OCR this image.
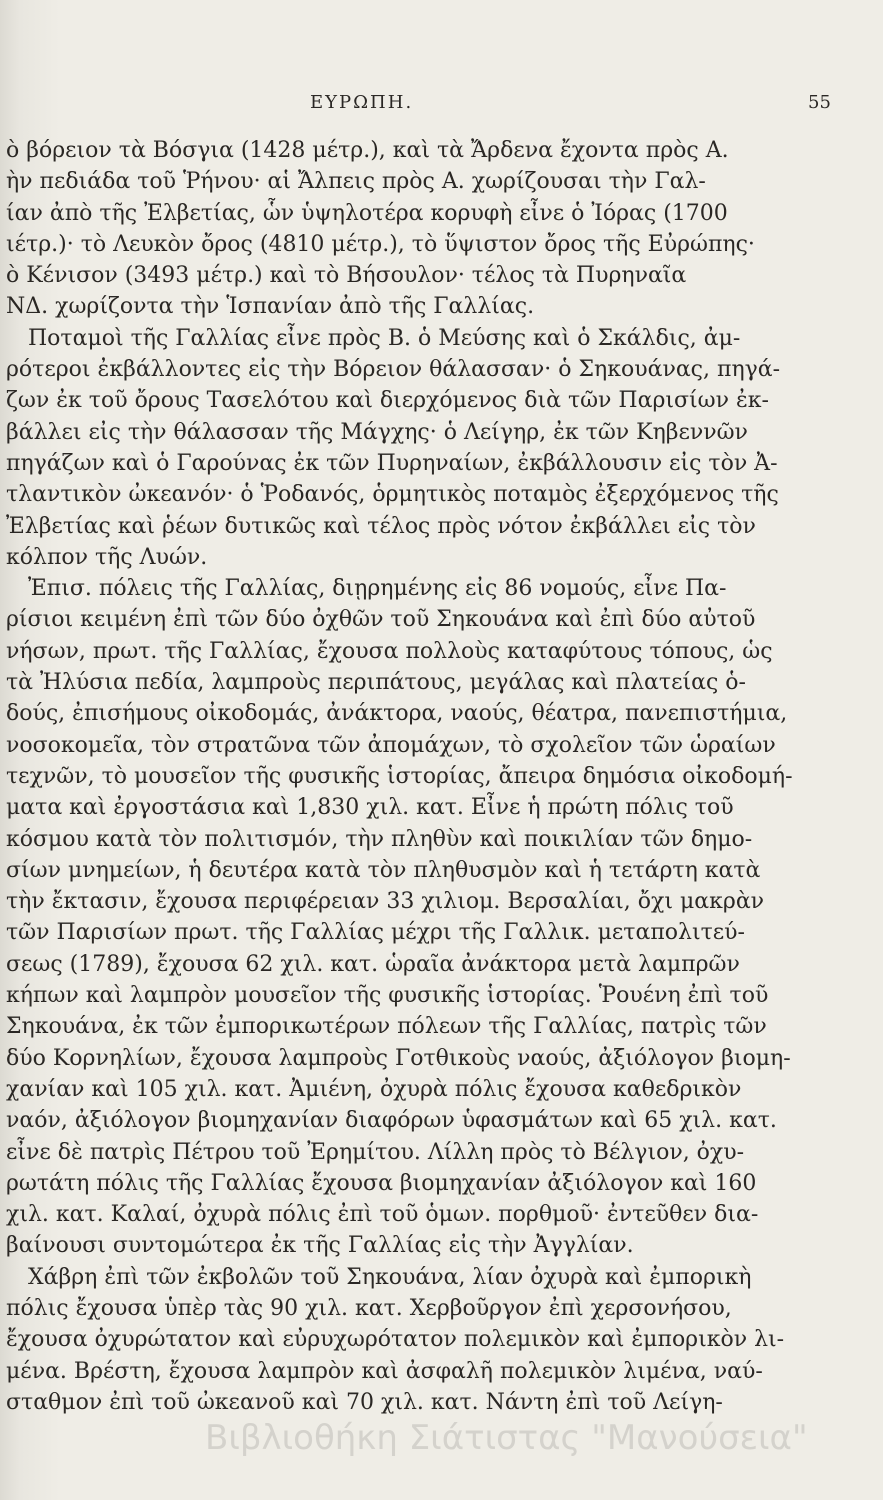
ΕΥΡΩΠΗ.	55
ὸ βόρειον τὰ Βόσγια (1428 μέτρ.), καὶ τὰ Ἄρδενα ἔχοντα πρὸς Α.
ὴν πεδιάδα τοῦ Ῥήνου· αἱ Ἄλπεις πρὸς Α. χωρίζουσαι τὴν Γαλ-
ίαν ἀπὸ τῆς Ἐλβετίας, ὧν ὑψηλοτέρα κορυφὴ εἶνε ὁ Ἰόρας (1700
ιέτρ.)· τὸ Λευκὸν ὄρος (4810 μέτρ.), τὸ ὕψιστον ὄρος τῆς Εὐρώπης·
ὸ Κένισον (3493 μέτρ.) καὶ τὸ Βήσουλον· τέλος τὰ Πυρηναῖα
ΝΔ. χωρίζοντα τὴν Ἱσπανίαν ἀπὸ τῆς Γαλλίας.
Ποταμοὶ τῆς Γαλλίας εἶνε πρὸς Β. ὁ Μεύσης καὶ ὁ Σκάλδις, ἀμ-
ρότεροι ἐκβάλλοντες εἰς τὴν Βόρειον θάλασσαν· ὁ Σηκουάνας, πηγά-
ζων ἐκ τοῦ ὄρους Τασελότου καὶ διερχόμενος διὰ τῶν Παρισίων ἐκ-
βάλλει εἰς τὴν θάλασσαν τῆς Μάγχης· ὁ Λείγηρ, ἐκ τῶν Κηβεννῶν
πηγάζων καὶ ὁ Γαρούνας ἐκ τῶν Πυρηναίων, ἐκβάλλουσιν εἰς τὸν Ἀ-
τλαντικὸν ὠκεανόν· ὁ Ῥοδανός, ὁρμητικὸς ποταμὸς ἐξερχόμενος τῆς
Ἐλβετίας καὶ ῥέων δυτικῶς καὶ τέλος πρὸς νότον ἐκβάλλει εἰς τὸν
κόλπον τῆς Λυών.
Ἐπισ. πόλεις τῆς Γαλλίας, διῃρημένης εἰς 86 νομούς, εἶνε Πα-
ρίσιοι κειμένη ἐπὶ τῶν δύο ὀχθῶν τοῦ Σηκουάνα καὶ ἐπὶ δύο αὐτοῦ
νήσων, πρωτ. τῆς Γαλλίας, ἔχουσα πολλοὺς καταφύτους τόπους, ὡς
τὰ Ἠλύσια πεδία, λαμπροὺς περιπάτους, μεγάλας καὶ πλατείας ὁ-
δούς, ἐπισήμους οἰκοδομάς, ἀνάκτορα, ναούς, θέατρα, πανεπιστήμια,
νοσοκομεῖα, τὸν στρατῶνα τῶν ἀπομάχων, τὸ σχολεῖον τῶν ὡραίων
τεχνῶν, τὸ μουσεῖον τῆς φυσικῆς ἱστορίας, ἄπειρα δημόσια οἰκοδομή-
ματα καὶ ἐργοστάσια καὶ 1,830 χιλ. κατ. Εἶνε ἡ πρώτη πόλις τοῦ
κόσμου κατὰ τὸν πολιτισμόν, τὴν πληθὺν καὶ ποικιλίαν τῶν δημο-
σίων μνημείων, ἡ δευτέρα κατὰ τὸν πληθυσμὸν καὶ ἡ τετάρτη κατὰ
τὴν ἔκτασιν, ἔχουσα περιφέρειαν 33 χιλιομ. Βερσαλίαι, ὄχι μακρὰν
τῶν Παρισίων πρωτ. τῆς Γαλλίας μέχρι τῆς Γαλλικ. μεταπολιτεύ-
σεως (1789), ἔχουσα 62 χιλ. κατ. ὡραῖα ἀνάκτορα μετὰ λαμπρῶν
κήπων καὶ λαμπρὸν μουσεῖον τῆς φυσικῆς ἱστορίας. Ῥουένη ἐπὶ τοῦ
Σηκουάνα, ἐκ τῶν ἐμπορικωτέρων πόλεων τῆς Γαλλίας, πατρὶς τῶν
δύο Κορνηλίων, ἔχουσα λαμπροὺς Γοτθικοὺς ναούς, ἀξιόλογον βιομη-
χανίαν καὶ 105 χιλ. κατ. Ἀμιένη, ὀχυρὰ πόλις ἔχουσα καθεδρικὸν
ναόν, ἀξιόλογον βιομηχανίαν διαφόρων ὑφασμάτων καὶ 65 χιλ. κατ.
εἶνε δὲ πατρὶς Πέτρου τοῦ Ἐρημίτου. Λίλλη πρὸς τὸ Βέλγιον, ὀχυ-
ρωτάτη πόλις τῆς Γαλλίας ἔχουσα βιομηχανίαν ἀξιόλογον καὶ 160
χιλ. κατ. Καλαί, ὀχυρὰ πόλις ἐπὶ τοῦ ὁμων. πορθμοῦ· ἐντεῦθεν δια-
βαίνουσι συντομώτερα ἐκ τῆς Γαλλίας εἰς τὴν Ἀγγλίαν.
Χάβρη ἐπὶ τῶν ἐκβολῶν τοῦ Σηκουάνα, λίαν ὀχυρὰ καὶ ἐμπορικὴ
πόλις ἔχουσα ὑπὲρ τὰς 90 χιλ. κατ. Χερβοῦργον ἐπὶ χερσονήσου,
ἔχουσα ὀχυρώτατον καὶ εὐρυχωρότατον πολεμικὸν καὶ ἐμπορικὸν λι-
μένα. Βρέστη, ἔχουσα λαμπρὸν καὶ ἀσφαλῆ πολεμικὸν λιμένα, ναύ-
σταθμον ἐπὶ τοῦ ὠκεανοῦ καὶ 70 χιλ. κατ. Νάντη ἐπὶ τοῦ Λείγη-
Βιβλιοθήκη Σιάτιστας "Μανούσεια"
